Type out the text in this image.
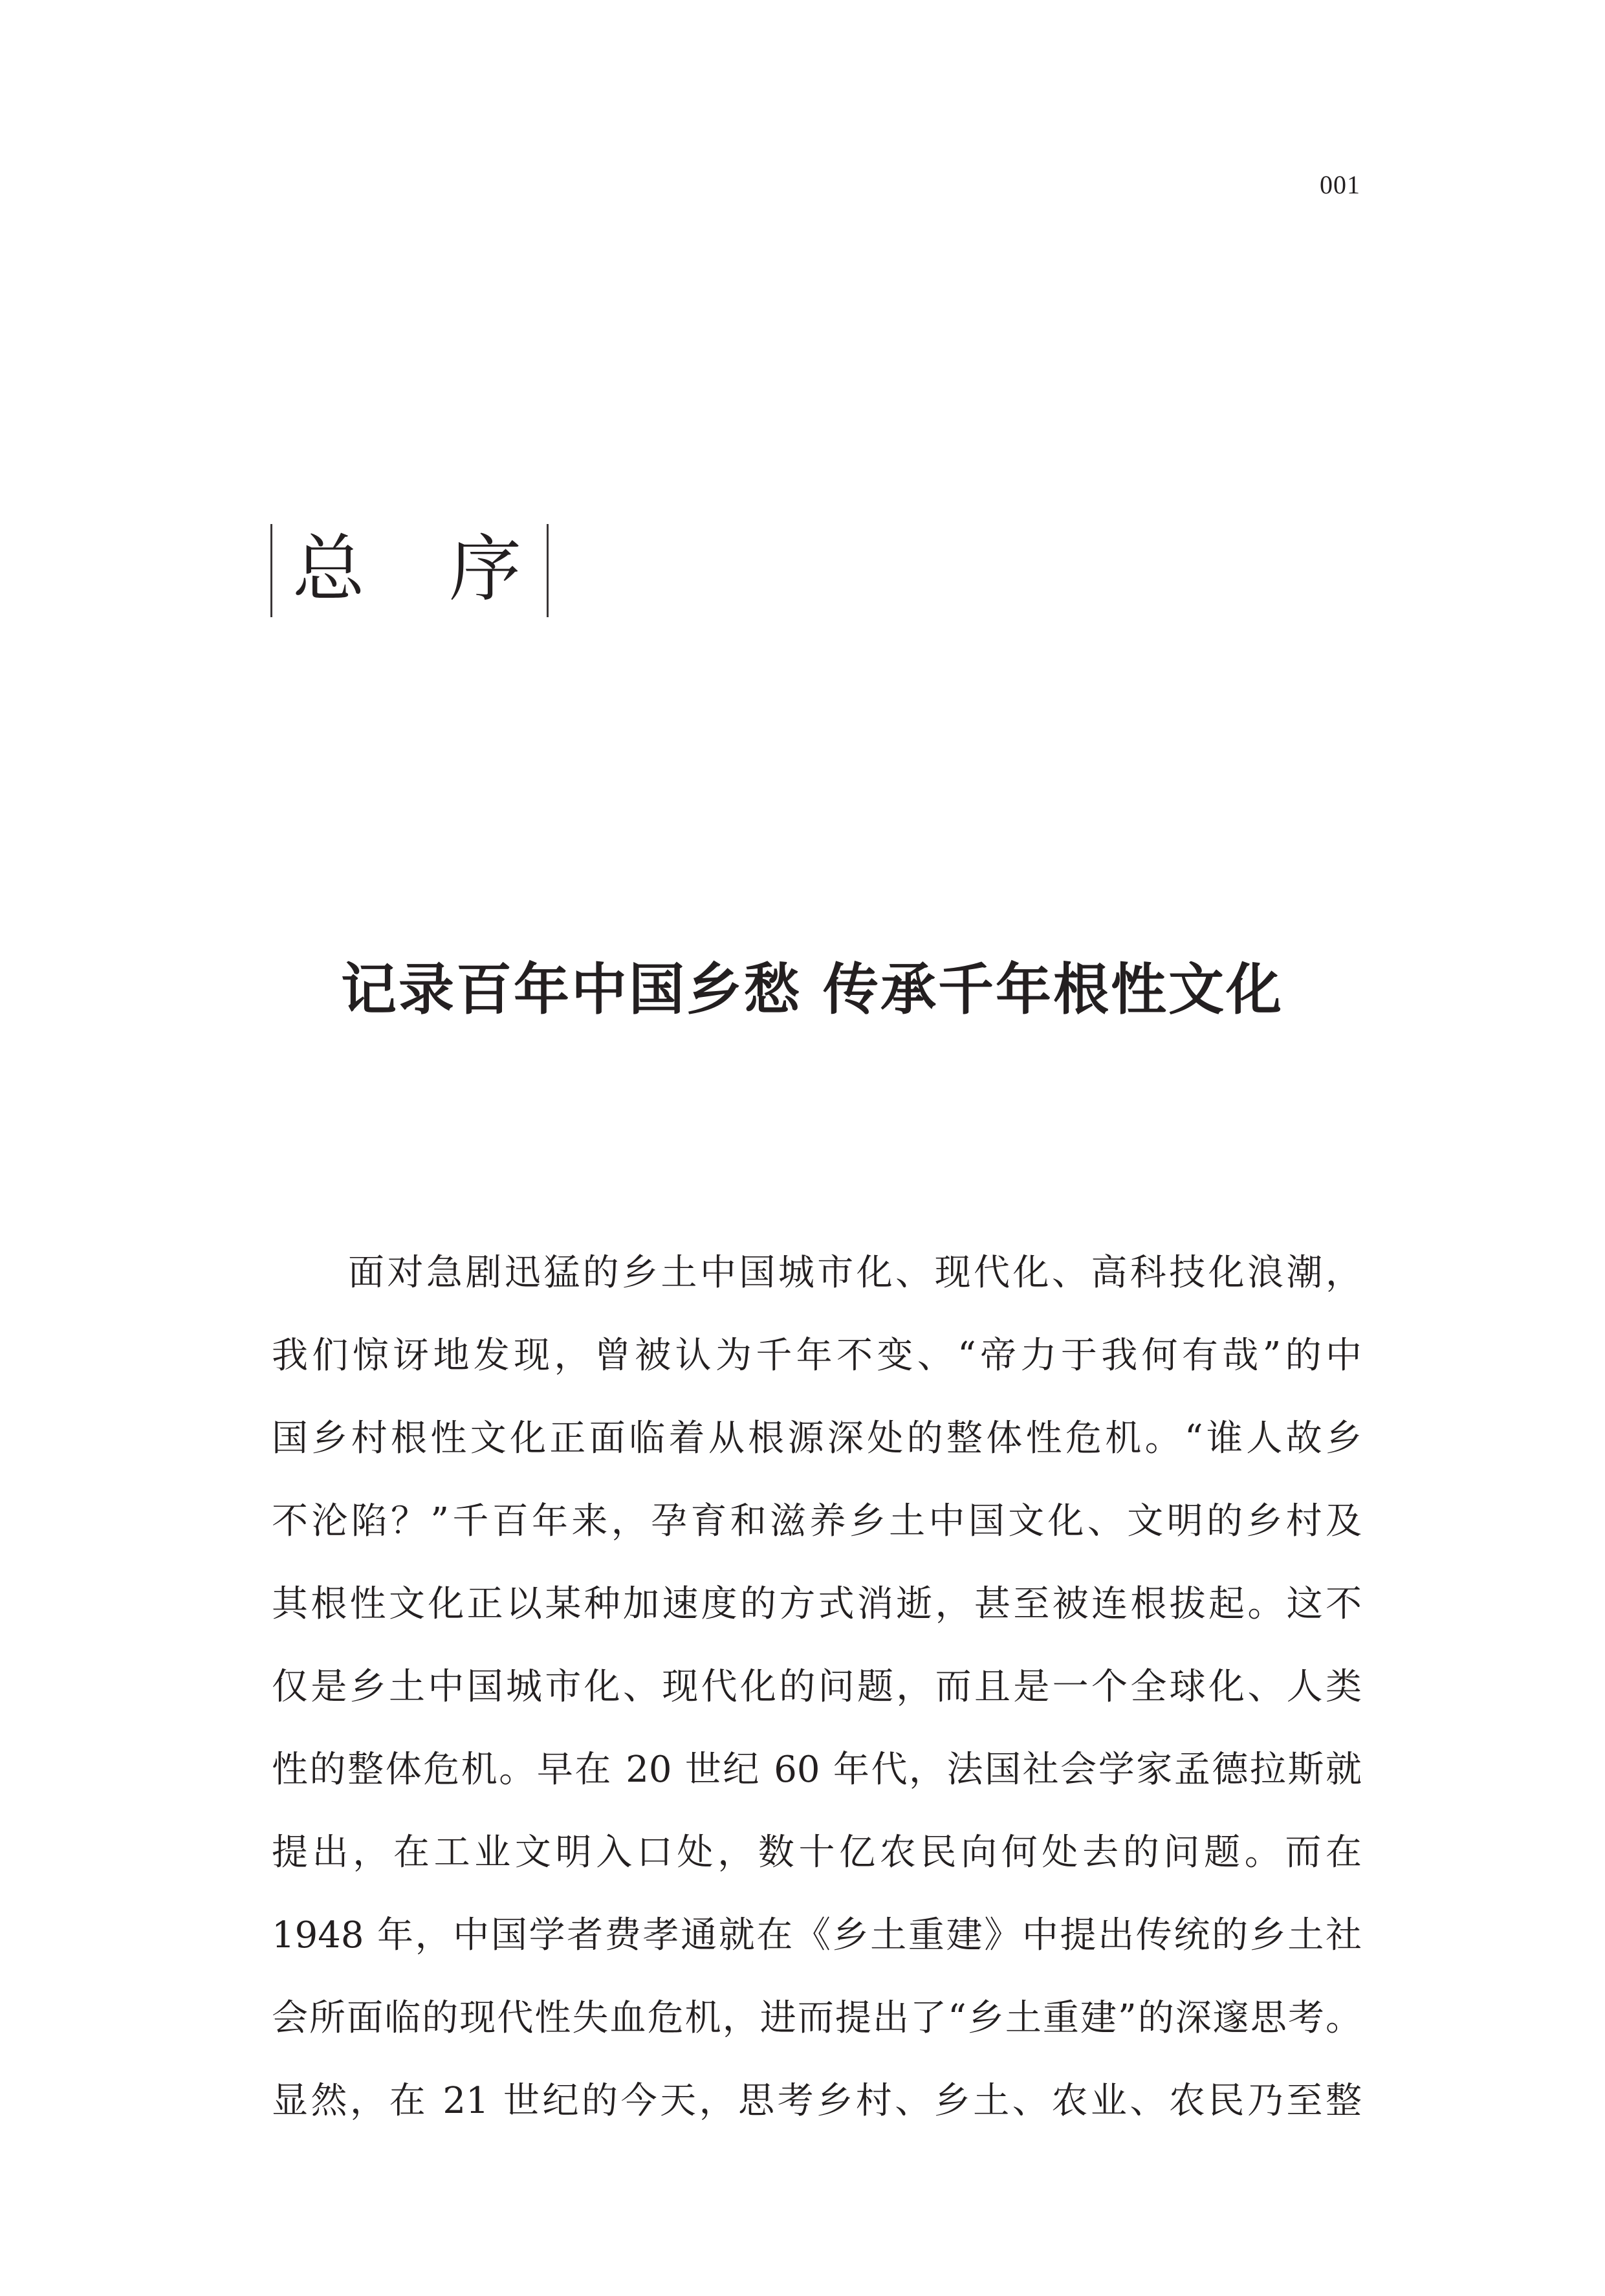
001
总 序
记录百年中国乡愁 传承千年根性文化
面对急剧迅猛的乡土中国城市化、现代化、高科技化浪潮，
我们惊讶地发现，曾被认为千年不变、“帝力于我何有哉”的中
国乡村根性文化正面临着从根源深处的整体性危机。“谁人故乡
不沦陷？”千百年来，孕育和滋养乡土中国文化、文明的乡村及
其根性文化正以某种加速度的方式消逝，甚至被连根拔起。这不
仅是乡土中国城市化、现代化的问题，而且是一个全球化、人类
性的整体危机。早在 20 世纪 60 年代，法国社会学家孟德拉斯就
提出，在工业文明入口处，数十亿农民向何处去的问题。而在
1948 年，中国学者费孝通就在《乡土重建》中提出传统的乡土社
会所面临的现代性失血危机，进而提出了“乡土重建”的深邃思考。
显然，在 21 世纪的今天，思考乡村、乡土、农业、农民乃至整
